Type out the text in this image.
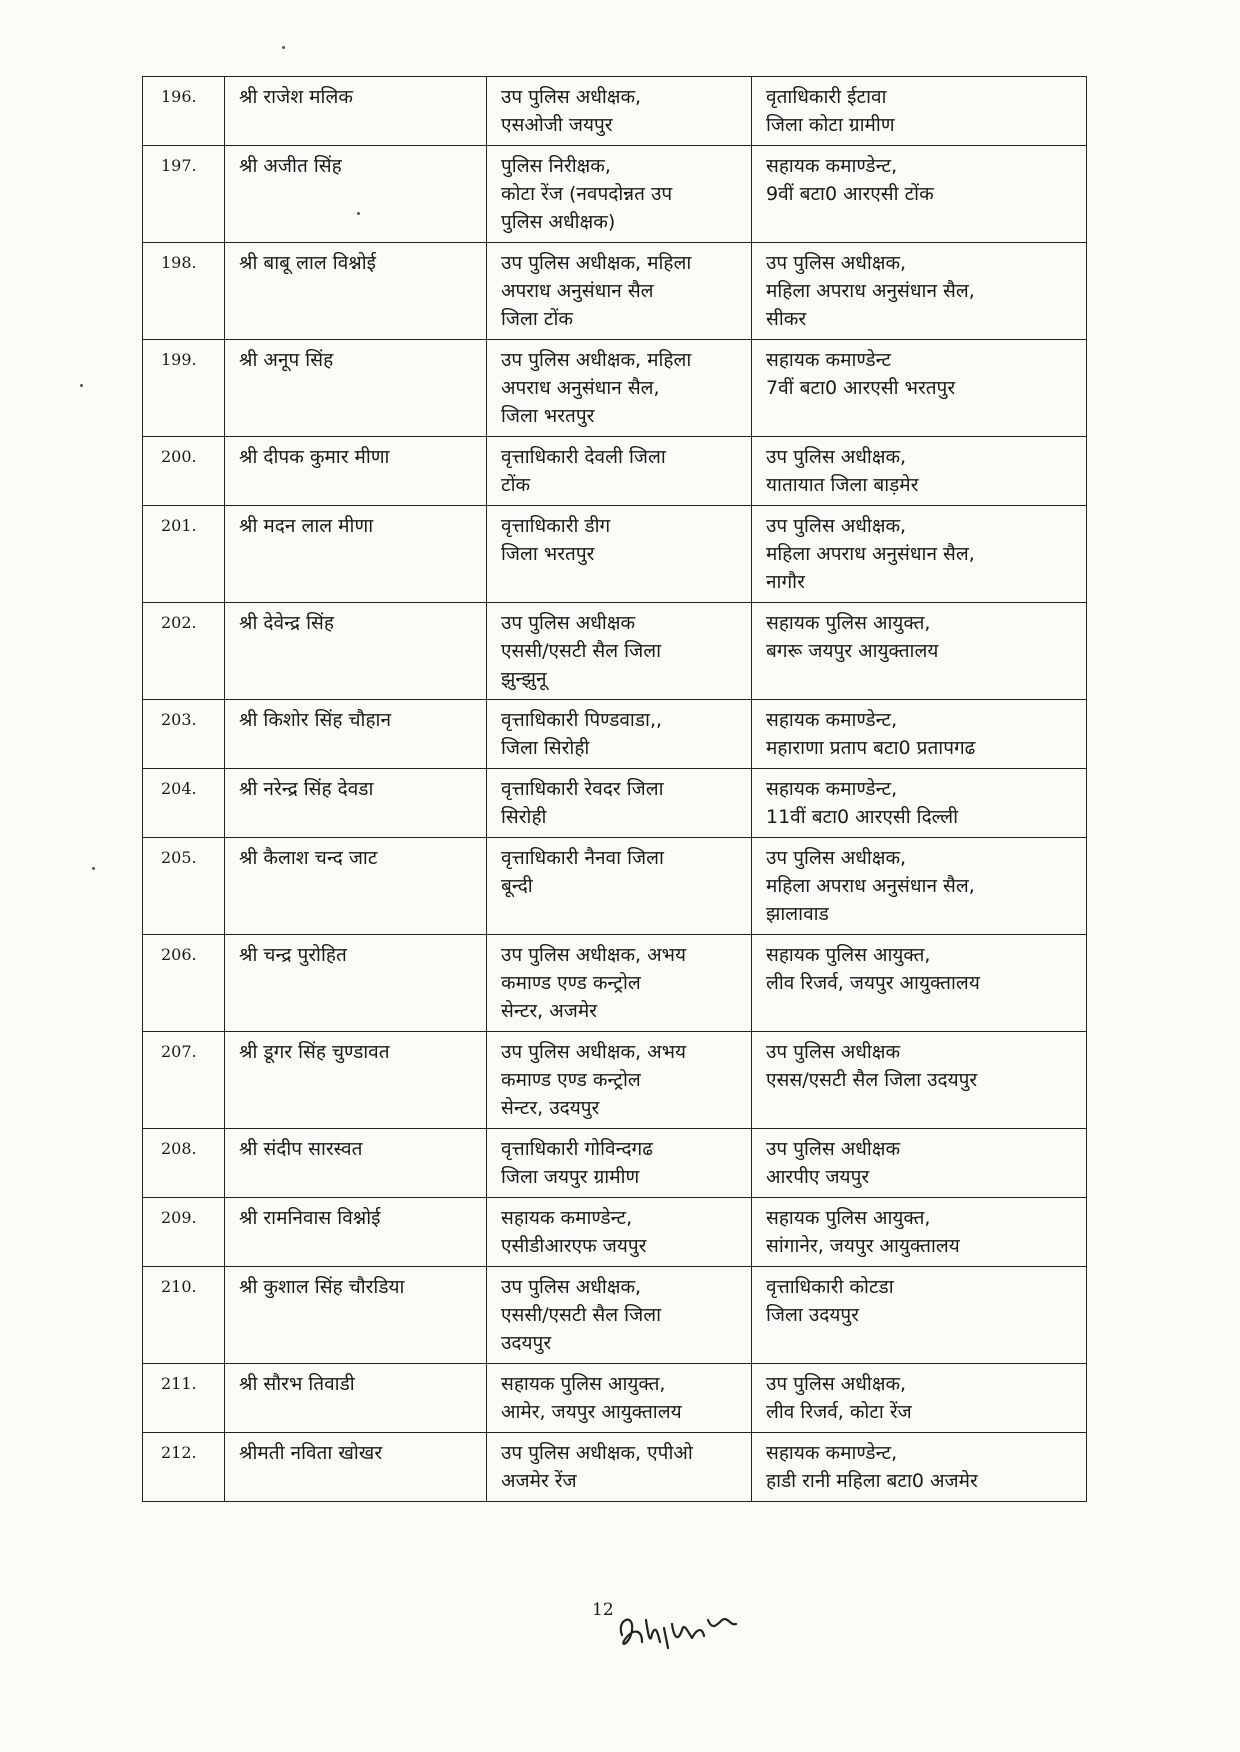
196.	श्री राजेश मलिक	उप पुलिस अधीक्षक,
एसओजी जयपुर	वृताधिकारी ईटावा
जिला कोटा ग्रामीण

197.	श्री अजीत सिंह	पुलिस निरीक्षक,
कोटा रेंज (नवपदोन्नत उप
पुलिस अधीक्षक)	सहायक कमाण्डेन्ट,
9वीं बटा0 आरएसी टोंक

198.	श्री बाबू लाल विश्नोई	उप पुलिस अधीक्षक, महिला
अपराध अनुसंधान सैल
जिला टोंक	उप पुलिस अधीक्षक,
महिला अपराध अनुसंधान सैल,
सीकर

199.	श्री अनूप सिंह	उप पुलिस अधीक्षक, महिला
अपराध अनुसंधान सैल,
जिला भरतपुर	सहायक कमाण्डेन्ट
7वीं बटा0 आरएसी भरतपुर

200.	श्री दीपक कुमार मीणा	वृत्ताधिकारी देवली जिला
टोंक	उप पुलिस अधीक्षक,
यातायात जिला बाड़मेर

201.	श्री मदन लाल मीणा	वृत्ताधिकारी डीग
जिला भरतपुर	उप पुलिस अधीक्षक,
महिला अपराध अनुसंधान सैल,
नागौर

202.	श्री देवेन्द्र सिंह	उप पुलिस अधीक्षक
एससी/एसटी सैल जिला
झुन्झुनू	सहायक पुलिस आयुक्त,
बगरू जयपुर आयुक्तालय

203.	श्री किशोर सिंह चौहान	वृत्ताधिकारी पिण्डवाडा,,
जिला सिरोही	सहायक कमाण्डेन्ट,
महाराणा प्रताप बटा0 प्रतापगढ

204.	श्री नरेन्द्र सिंह देवडा	वृत्ताधिकारी रेवदर जिला
सिरोही	सहायक कमाण्डेन्ट,
11वीं बटा0 आरएसी दिल्ली

205.	श्री कैलाश चन्द जाट	वृत्ताधिकारी नैनवा जिला
बून्दी	उप पुलिस अधीक्षक,
महिला अपराध अनुसंधान सैल,
झालावाड

206.	श्री चन्द्र पुरोहित	उप पुलिस अधीक्षक, अभय
कमाण्ड एण्ड कन्ट्रोल
सेन्टर, अजमेर	सहायक पुलिस आयुक्त,
लीव रिजर्व, जयपुर आयुक्तालय

207.	श्री डूगर सिंह चुण्डावत	उप पुलिस अधीक्षक, अभय
कमाण्ड एण्ड कन्ट्रोल
सेन्टर, उदयपुर	उप पुलिस अधीक्षक
एसस/एसटी सैल जिला उदयपुर

208.	श्री संदीप सारस्वत	वृत्ताधिकारी गोविन्दगढ
जिला जयपुर ग्रामीण	उप पुलिस अधीक्षक
आरपीए जयपुर

209.	श्री रामनिवास विश्नोई	सहायक कमाण्डेन्ट,
एसीडीआरएफ जयपुर	सहायक पुलिस आयुक्त,
सांगानेर, जयपुर आयुक्तालय

210.	श्री कुशाल सिंह चौरडिया	उप पुलिस अधीक्षक,
एससी/एसटी सैल जिला
उदयपुर	वृत्ताधिकारी कोटडा
जिला उदयपुर

211.	श्री सौरभ तिवाडी	सहायक पुलिस आयुक्त,
आमेर, जयपुर आयुक्तालय	उप पुलिस अधीक्षक,
लीव रिजर्व, कोटा रेंज

212.	श्रीमती नविता खोखर	उप पुलिस अधीक्षक, एपीओ
अजमेर रेंज	सहायक कमाण्डेन्ट,
हाडी रानी महिला बटा0 अजमेर
12
